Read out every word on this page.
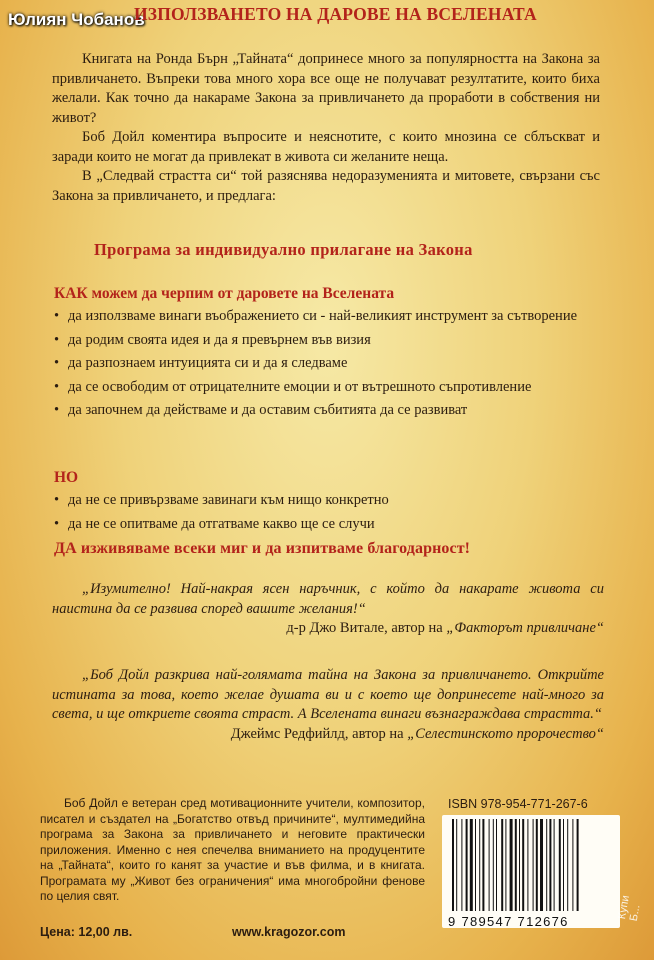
Юлиян Чобанов
ИЗПОЛЗВАНЕТО НА ДАРОВЕ НА ВСЕЛЕНАТА

Книгата на Ронда Бърн „Тайната“ допринесе много за популярността на Закона за привличането. Въпреки това много хора все още не получават резултатите, които биха желали. Как точно да накараме Закона за привличането да проработи в собствения ни живот?

Боб Дойл коментира въпросите и неяснотите, с които мнозина се сблъскват и заради които не могат да привлекат в живота си желаните неща.

В „Следвай страстта си“ той разяснява недоразуменията и митовете, свързани със Закона за привличането, и предлага:

Програма за индивидуално прилагане на Закона
КАК можем да черпим от даровете на Вселената
• да използваме винаги въображението си - най-великият инструмент за сътворение
• да родим своята идея и да я превърнем във визия
• да разпознаем интуицията си и да я следваме
• да се освободим от отрицателните емоции и от вътрешното съпротивление
• да започнем да действаме и да оставим събитията да се развиват
НО
• да не се привързваме завинаги към нищо конкретно
• да не се опитваме да отгатваме какво ще се случи
ДА изживяваме всеки миг и да изпитваме благодарност!

„Изумително! Най-накрая ясен наръчник, с който да накарате живота си наистина да се развива според вашите желания!“

д-р Джо Витале, автор на „Факторът привличане“

„Боб Дойл разкрива най-голямата тайна на Закона за привличането. Открийте истината за това, което желае душата ви и с което ще допринесете най-много за света, и ще откриете своята страст. А Вселената винаги възнаграждава страстта.“

Джеймс Редфийлд, автор на „Селестинското пророчество“

Боб Дойл е ветеран сред мотивационните учители, композитор, писател и създател на „Богатство отвъд причините“, мултимедийна програма за Закона за привличането и неговите практически приложения. Именно с нея спечелва вниманието на продуцентите на „Тайната“, които го канят за участие и във филма, и в книгата. Програмата му „Живот без ограничения“ има многобройни фенове по целия свят.

Цена: 12,00 лв.	www.kragozor.com
ISBN 978-954-771-267-6
9 789547 712676
Купи Б...
